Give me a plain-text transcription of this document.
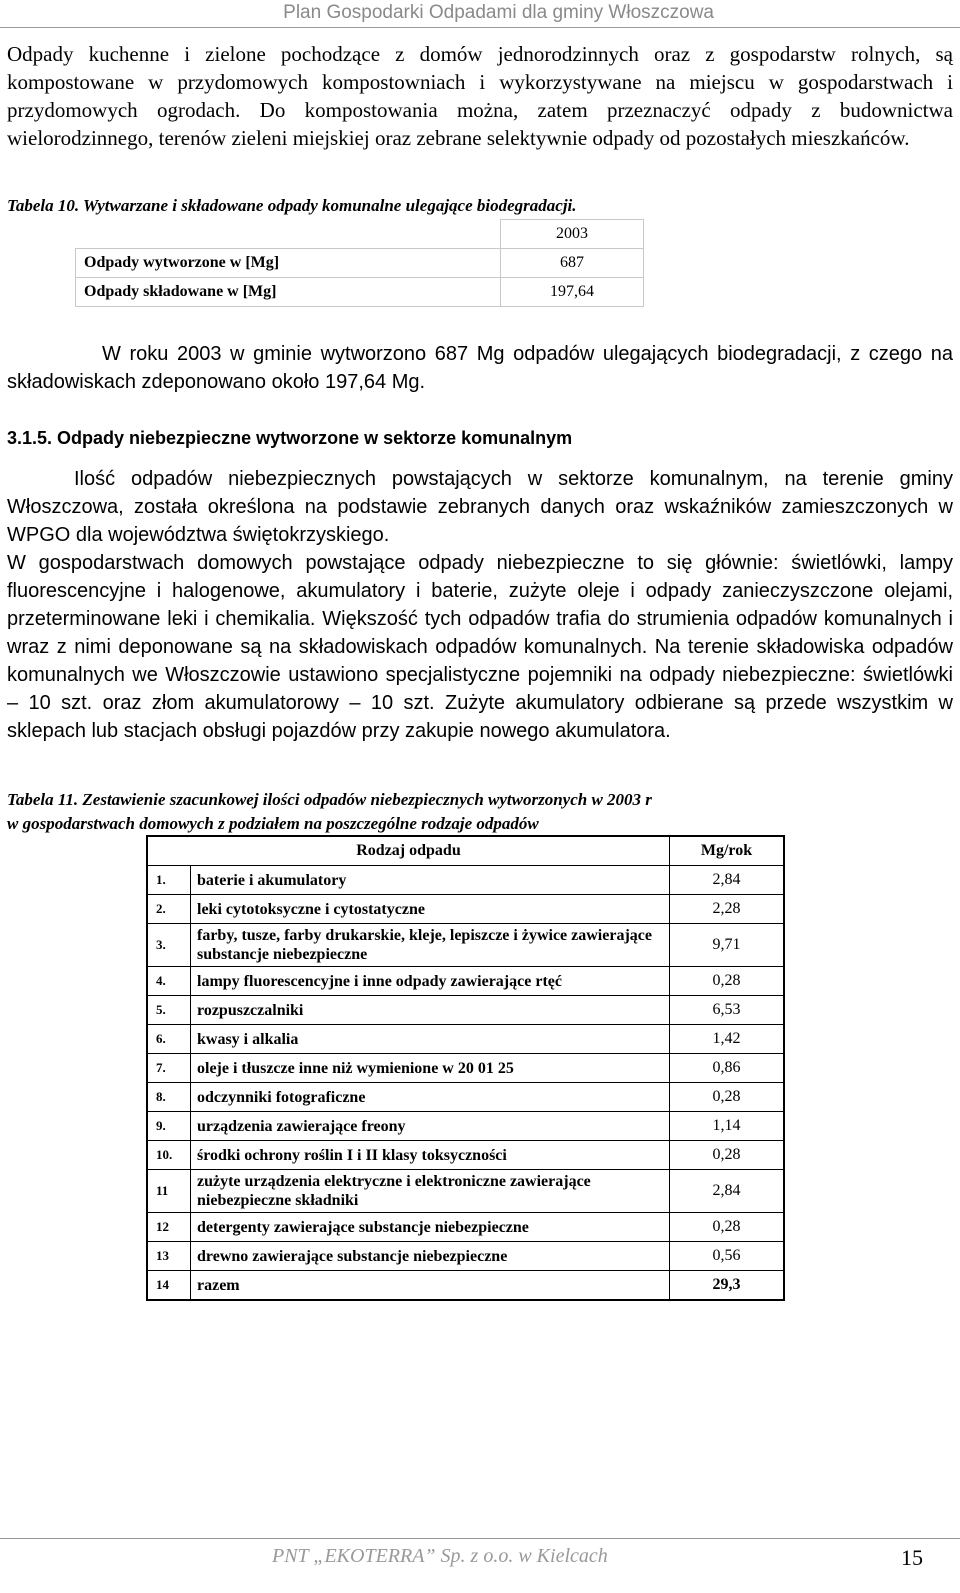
Plan Gospodarki Odpadami dla gminy Włoszczowa
Odpady kuchenne i zielone pochodzące z domów jednorodzinnych oraz z gospodarstw rolnych, są kompostowane w przydomowych kompostowniach i wykorzystywane na miejscu w gospodarstwach i przydomowych ogrodach. Do kompostowania można, zatem przeznaczyć odpady z budownictwa wielorodzinnego, terenów zieleni miejskiej oraz zebrane selektywnie odpady od pozostałych mieszkańców.
Tabela 10. Wytwarzane i składowane odpady komunalne ulegające biodegradacji.
	2003
Odpady wytworzone w [Mg]	687
Odpady składowane w [Mg]	197,64
W roku 2003 w gminie wytworzono 687 Mg odpadów ulegających biodegradacji, z czego na składowiskach zdeponowano około 197,64 Mg.
3.1.5. Odpady niebezpieczne wytworzone w sektorze komunalnym
Ilość odpadów niebezpiecznych powstających w sektorze komunalnym, na terenie gminy Włoszczowa, została określona na podstawie zebranych danych oraz wskaźników zamieszczonych w WPGO dla województwa świętokrzyskiego.
W gospodarstwach domowych powstające odpady niebezpieczne to się głównie: świetlówki, lampy fluorescencyjne i halogenowe, akumulatory i baterie, zużyte oleje i odpady zanieczyszczone olejami, przeterminowane leki i chemikalia. Większość tych odpadów trafia do strumienia odpadów komunalnych i wraz z nimi deponowane są na składowiskach odpadów komunalnych. Na terenie składowiska odpadów komunalnych we Włoszczowie ustawiono specjalistyczne pojemniki na odpady niebezpieczne: świetlówki – 10 szt. oraz złom akumulatorowy – 10 szt. Zużyte akumulatory odbierane są przede wszystkim w sklepach lub stacjach obsługi pojazdów przy zakupie nowego akumulatora.
Tabela 11. Zestawienie szacunkowej ilości odpadów niebezpiecznych wytworzonych w 2003 r
w gospodarstwach domowych z podziałem na poszczególne rodzaje odpadów
Rodzaj odpadu		Mg/rok
1.	baterie i akumulatory	2,84
2.	leki cytotoksyczne i cytostatyczne	2,28
3.	farby, tusze, farby drukarskie, kleje, lepiszcze i żywice zawierające substancje niebezpieczne	9,71
4.	lampy fluorescencyjne i inne odpady zawierające rtęć	0,28
5.	rozpuszczalniki	6,53
6.	kwasy i alkalia	1,42
7.	oleje i tłuszcze inne niż wymienione w 20 01 25	0,86
8.	odczynniki fotograficzne	0,28
9.	urządzenia zawierające freony	1,14
10.	środki ochrony roślin I i II klasy toksyczności	0,28
11	zużyte urządzenia elektryczne i elektroniczne zawierające niebezpieczne składniki	2,84
12	detergenty zawierające substancje niebezpieczne	0,28
13	drewno zawierające substancje niebezpieczne	0,56
14	razem	29,3
PNT „EKOTERRA” Sp. z o.o. w Kielcach	15
